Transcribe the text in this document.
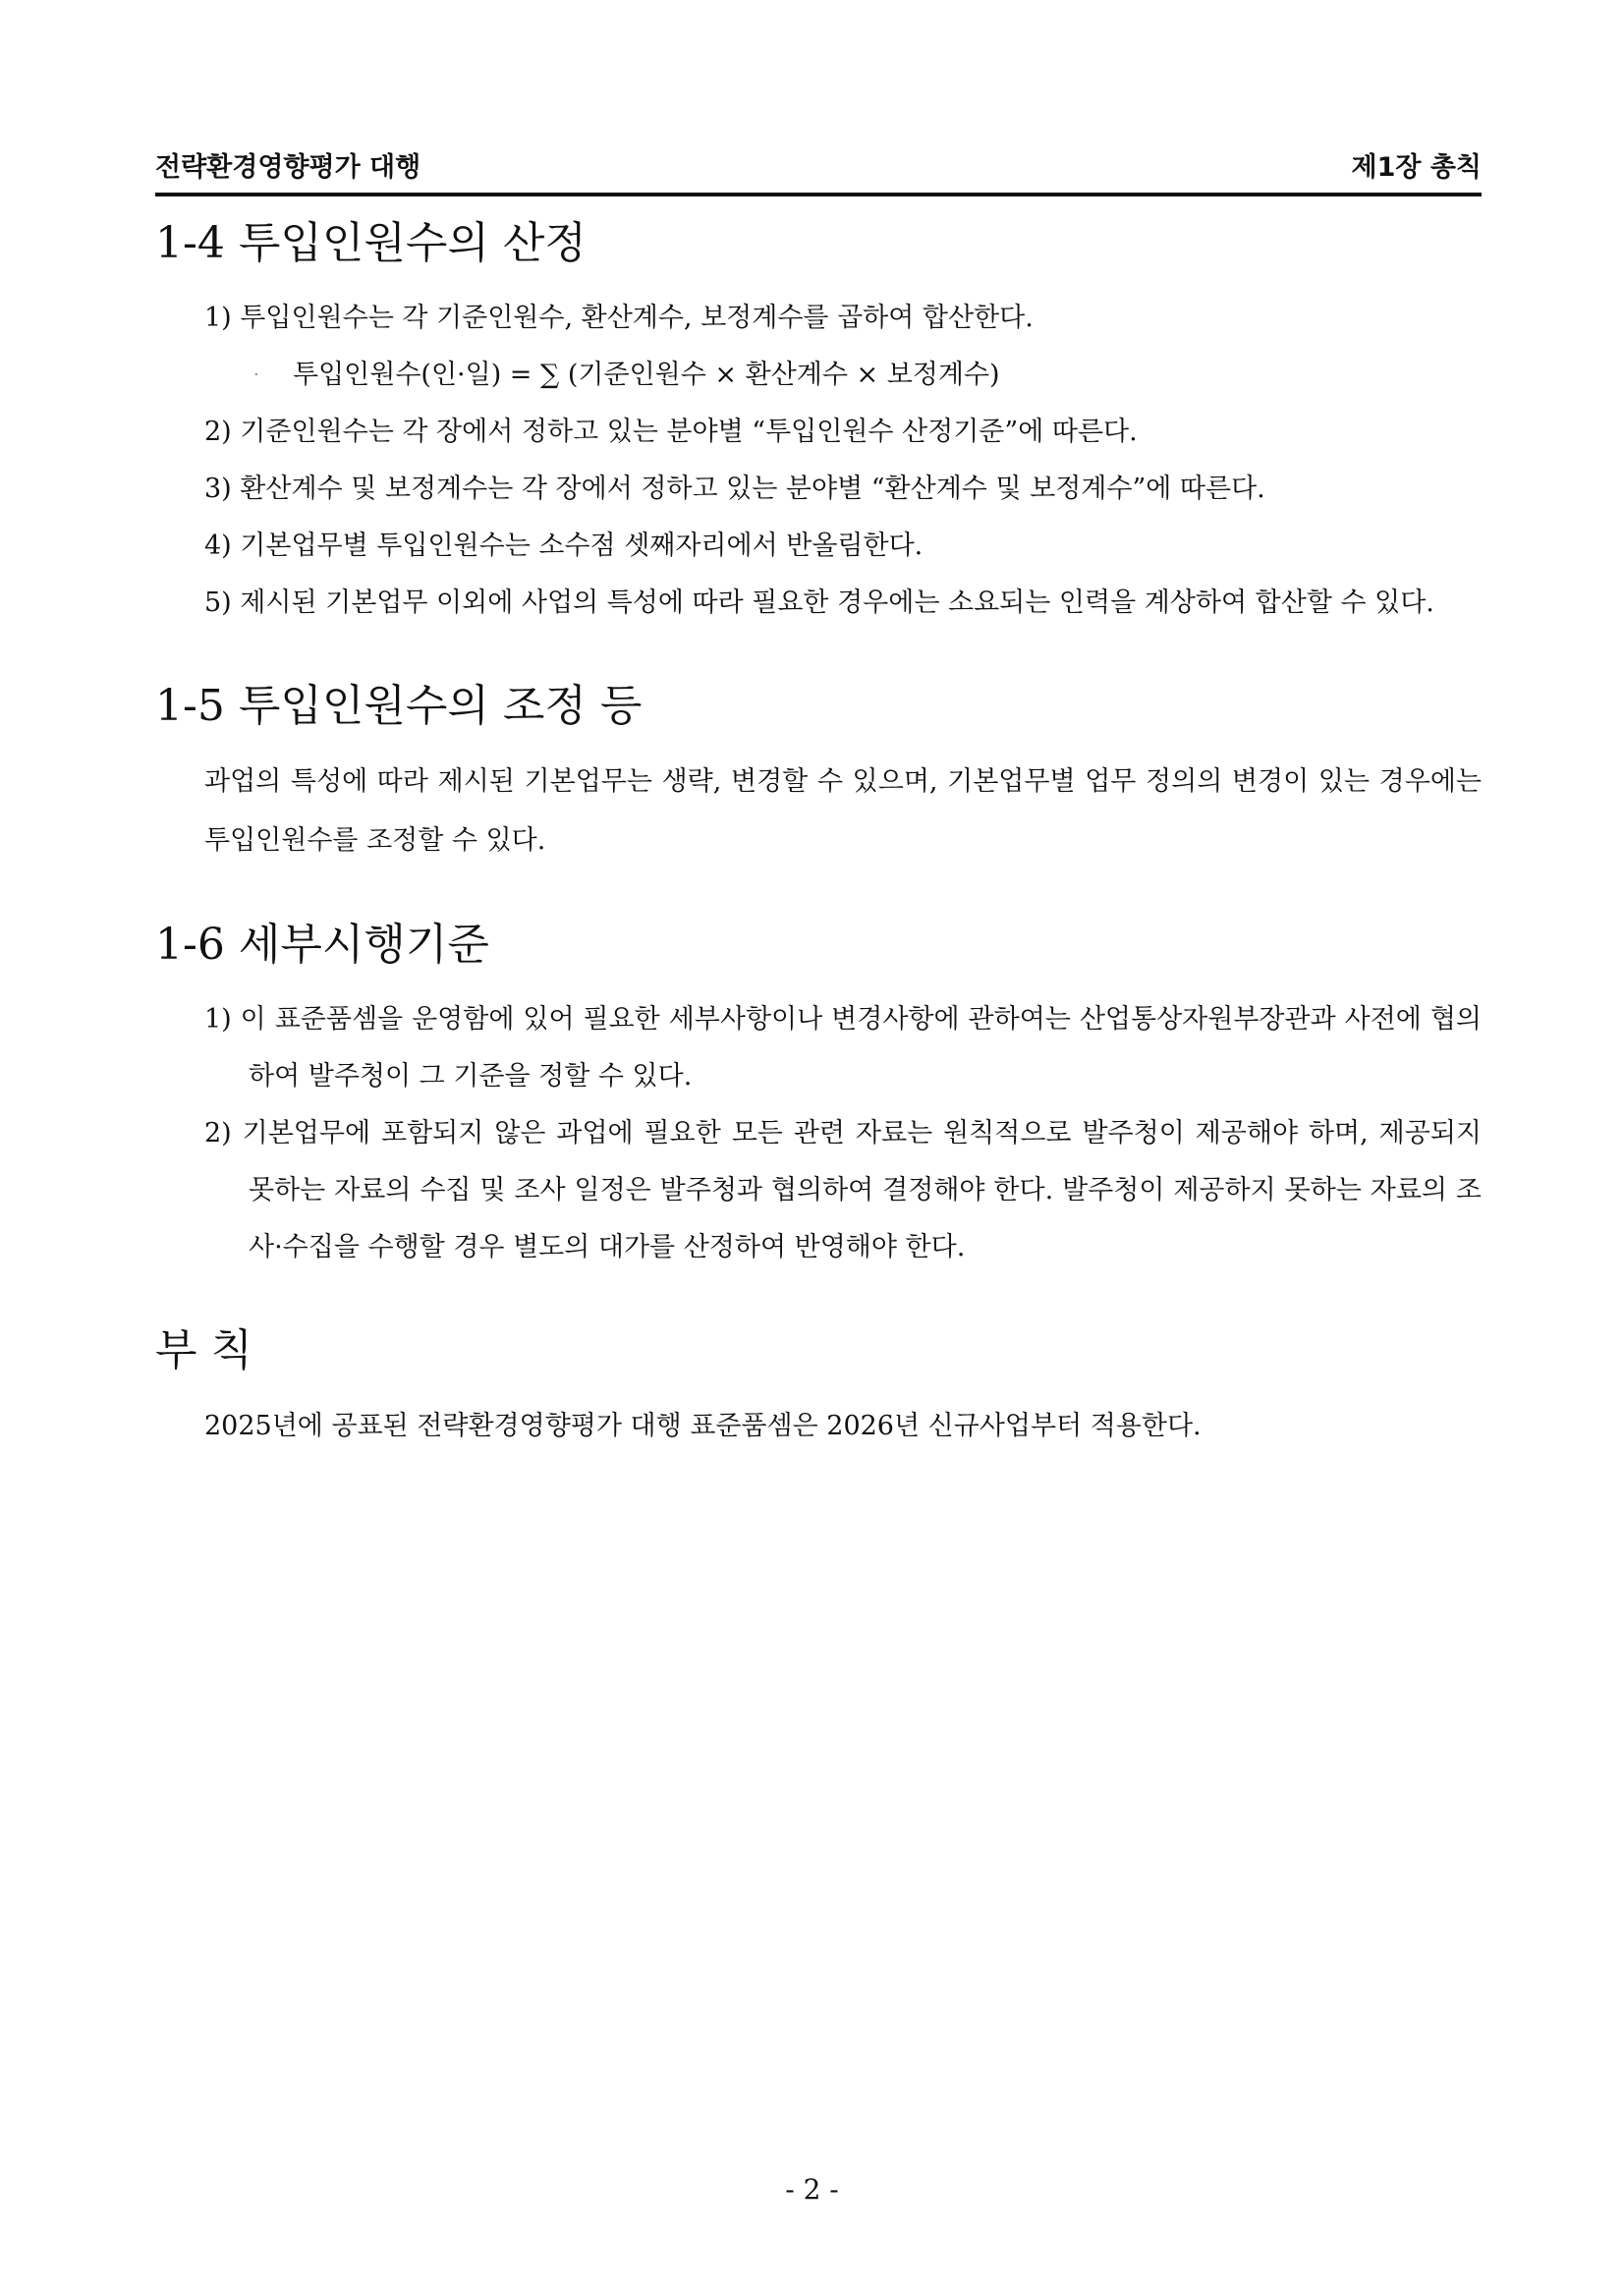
전략환경영향평가 대행	제1장 총칙
1-4 투입인원수의 산정
1) 투입인원수는 각 기준인원수, 환산계수, 보정계수를 곱하여 합산한다.
· 투입인원수(인·일) = ∑ (기준인원수 × 환산계수 × 보정계수)
2) 기준인원수는 각 장에서 정하고 있는 분야별 “투입인원수 산정기준”에 따른다.
3) 환산계수 및 보정계수는 각 장에서 정하고 있는 분야별 “환산계수 및 보정계수”에 따른다.
4) 기본업무별 투입인원수는 소수점 셋째자리에서 반올림한다.
5) 제시된 기본업무 이외에 사업의 특성에 따라 필요한 경우에는 소요되는 인력을 계상하여 합산할 수 있다.
1-5 투입인원수의 조정 등
과업의 특성에 따라 제시된 기본업무는 생략, 변경할 수 있으며, 기본업무별 업무 정의의 변경이 있는 경우에는 투입인원수를 조정할 수 있다.
1-6 세부시행기준
1) 이 표준품셈을 운영함에 있어 필요한 세부사항이나 변경사항에 관하여는 산업통상자원부장관과 사전에 협의하여 발주청이 그 기준을 정할 수 있다.
2) 기본업무에 포함되지 않은 과업에 필요한 모든 관련 자료는 원칙적으로 발주청이 제공해야 하며, 제공되지 못하는 자료의 수집 및 조사 일정은 발주청과 협의하여 결정해야 한다. 발주청이 제공하지 못하는 자료의 조사·수집을 수행할 경우 별도의 대가를 산정하여 반영해야 한다.
부 칙
2025년에 공표된 전략환경영향평가 대행 표준품셈은 2026년 신규사업부터 적용한다.
- 2 -
